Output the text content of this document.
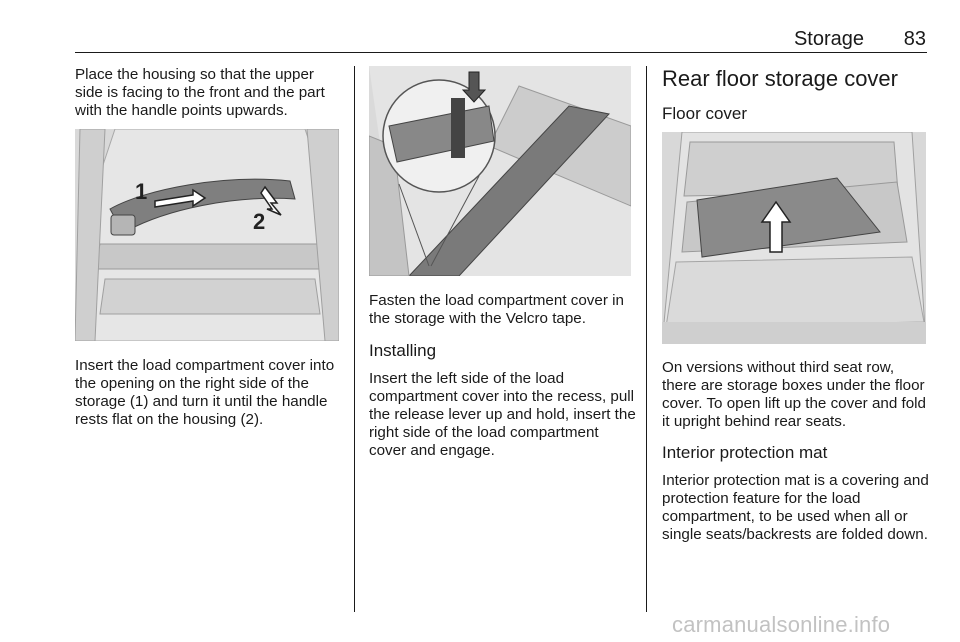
Storage	83

Place the housing so that the upper side is facing to the front and the part with the handle points upwards.

1
2

Insert the load compartment cover into the opening on the right side of the storage (1) and turn it until the handle rests flat on the housing (2).

Fasten the load compartment cover in the storage with the Velcro tape.

Installing

Insert the left side of the load compartment cover into the recess, pull the release lever up and hold, insert the right side of the load compartment cover and engage.

Rear floor storage cover
Floor cover

On versions without third seat row, there are storage boxes under the floor cover. To open lift up the cover and fold it upright behind rear seats.

Interior protection mat

Interior protection mat is a covering and protection feature for the load compartment, to be used when all or single seats/backrests are folded down.

carmanualsonline.info
